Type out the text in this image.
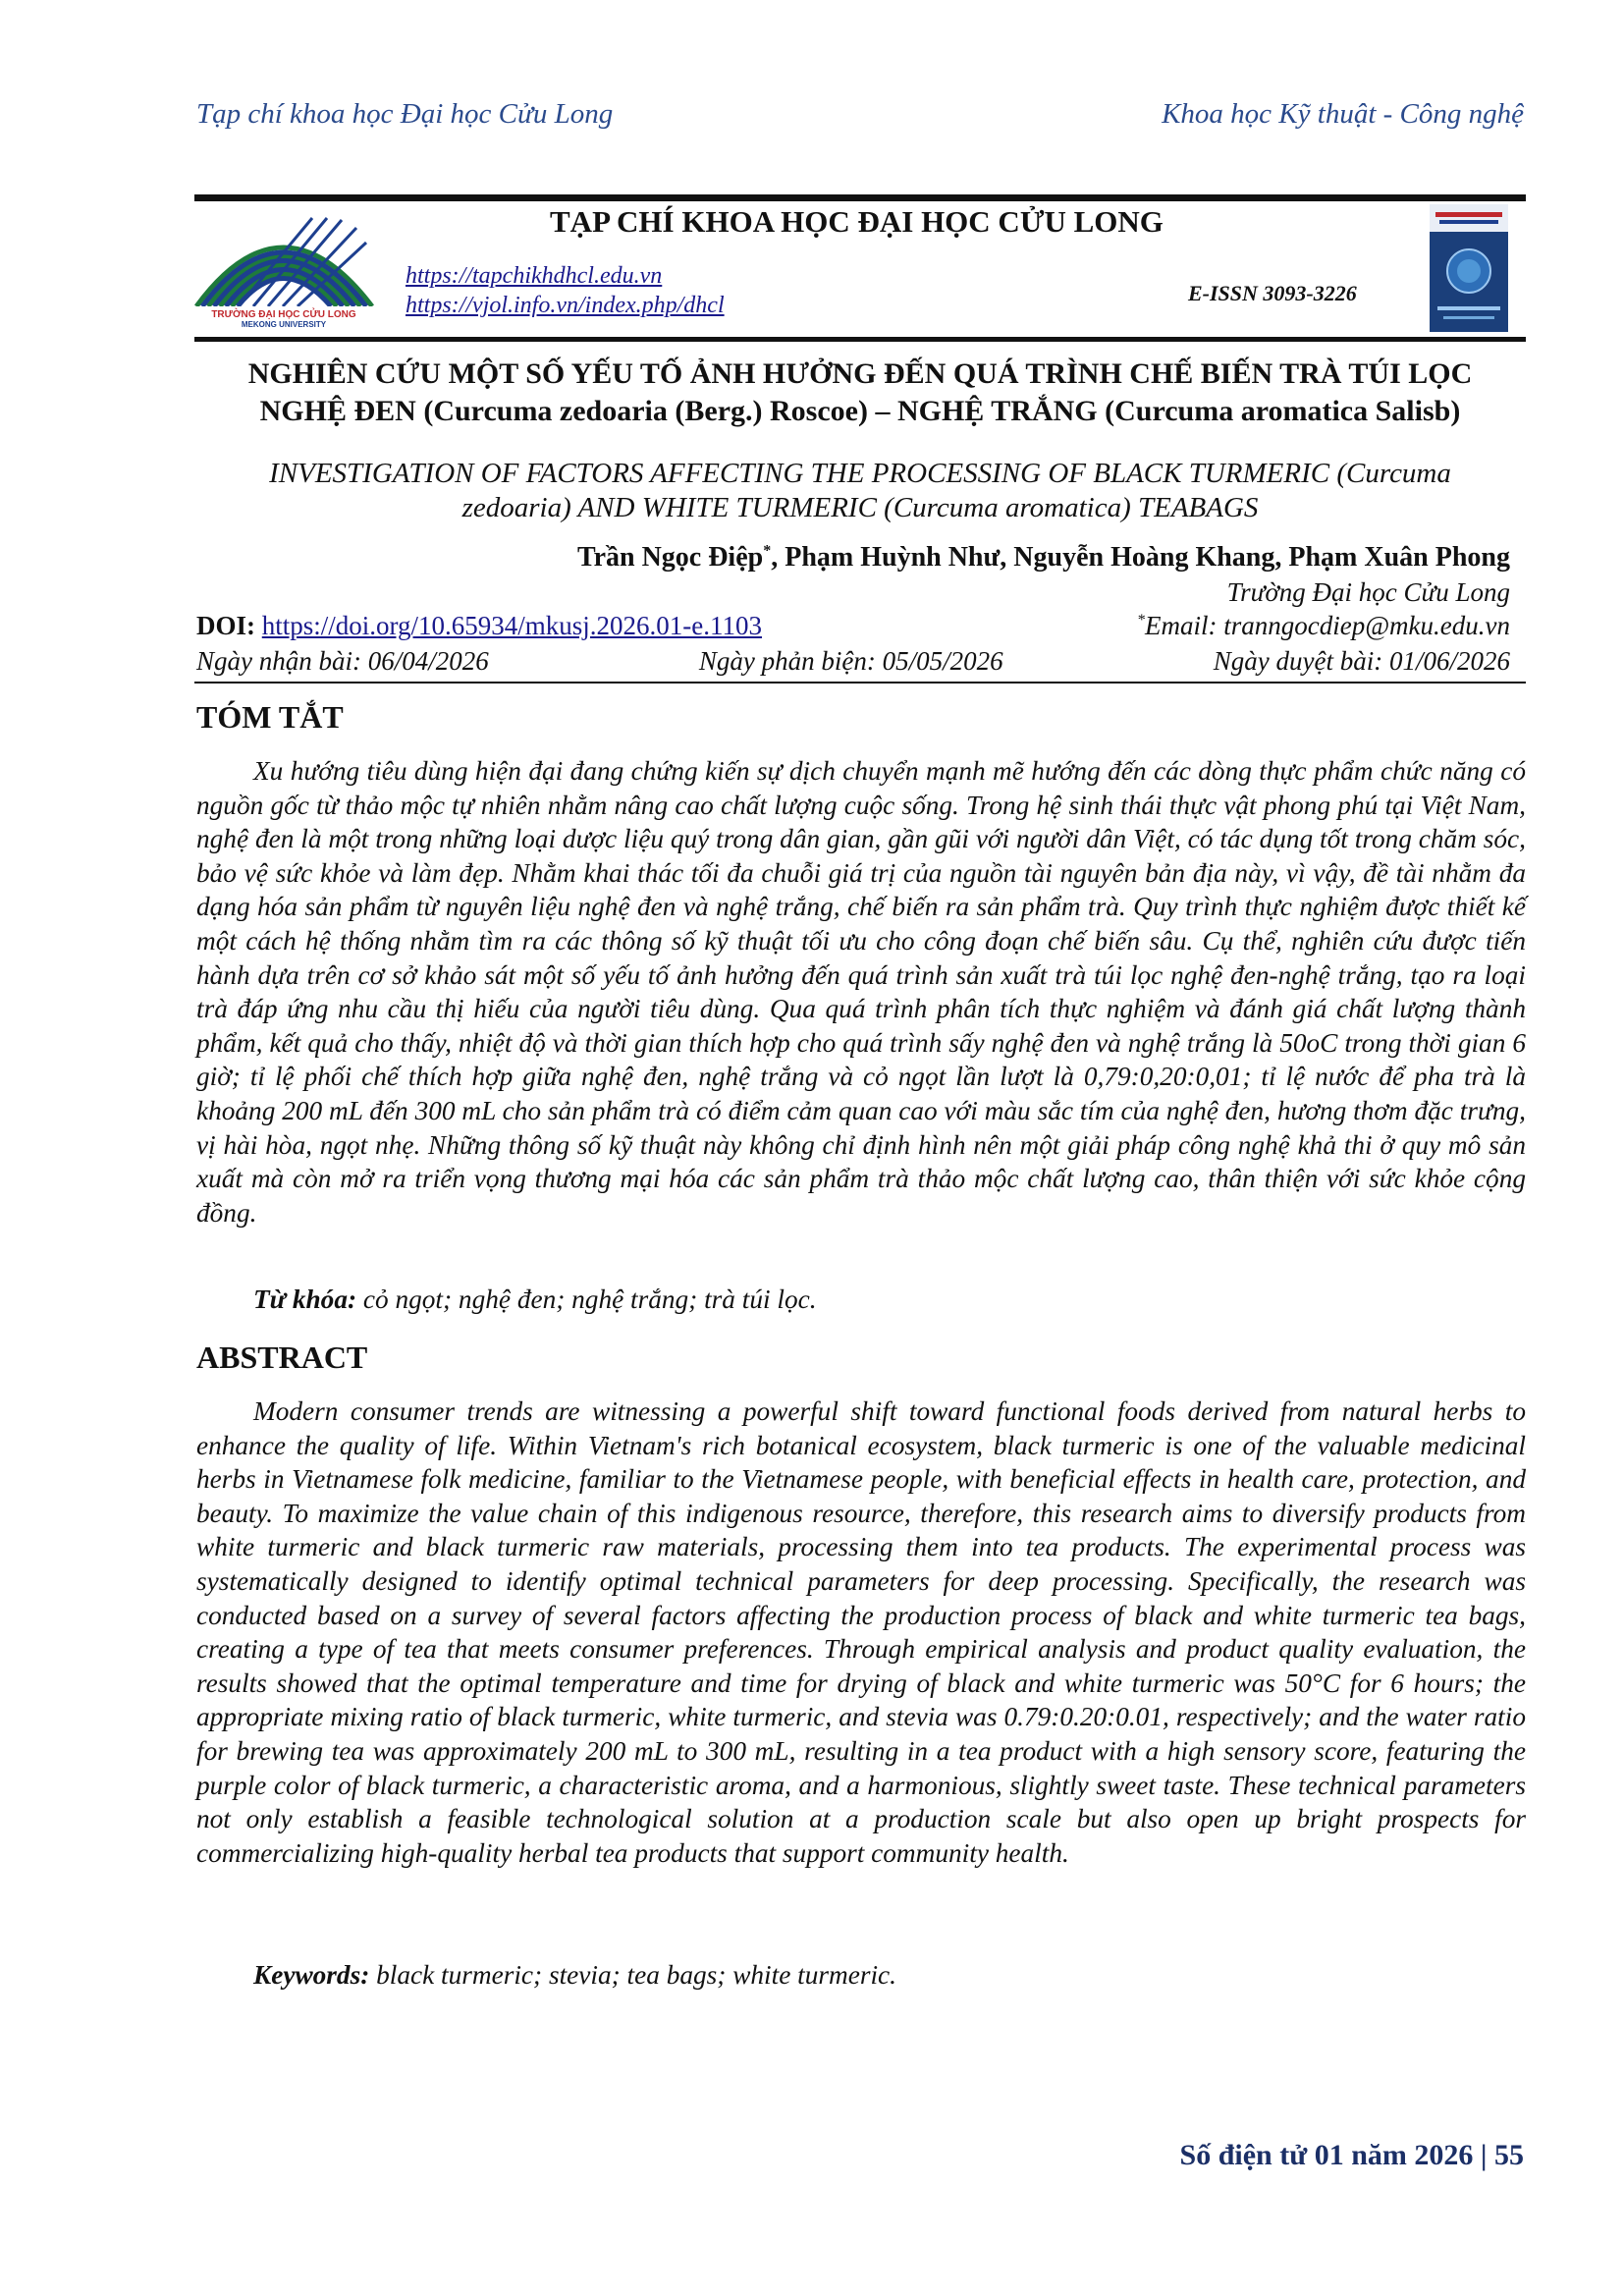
Tạp chí khoa học Đại học Cửu Long	Khoa học Kỹ thuật - Công nghệ
TRƯỜNG ĐẠI HỌC CỬU LONG
MEKONG UNIVERSITY
TẠP CHÍ KHOA HỌC ĐẠI HỌC CỬU LONG
https://tapchikhdhcl.edu.vn
https://vjol.info.vn/index.php/dhcl	E-ISSN 3093-3226
NGHIÊN CỨU MỘT SỐ YẾU TỐ ẢNH HƯỞNG ĐẾN QUÁ TRÌNH CHẾ BIẾN TRÀ TÚI LỌC
NGHỆ ĐEN (Curcuma zedoaria (Berg.) Roscoe) – NGHỆ TRẮNG (Curcuma aromatica Salisb)
INVESTIGATION OF FACTORS AFFECTING THE PROCESSING OF BLACK TURMERIC (Curcuma
zedoaria) AND WHITE TURMERIC (Curcuma aromatica) TEABAGS
Trần Ngọc Điệp*, Phạm Huỳnh Như, Nguyễn Hoàng Khang, Phạm Xuân Phong
Trường Đại học Cửu Long
DOI: https://doi.org/10.65934/mkusj.2026.01-e.1103	*Email: tranngocdiep@mku.edu.vn
Ngày nhận bài: 06/04/2026	Ngày phản biện: 05/05/2026	Ngày duyệt bài: 01/06/2026
TÓM TẮT
Xu hướng tiêu dùng hiện đại đang chứng kiến sự dịch chuyển mạnh mẽ hướng đến các dòng thực phẩm chức năng có nguồn gốc từ thảo mộc tự nhiên nhằm nâng cao chất lượng cuộc sống. Trong hệ sinh thái thực vật phong phú tại Việt Nam, nghệ đen là một trong những loại dược liệu quý trong dân gian, gần gũi với người dân Việt, có tác dụng tốt trong chăm sóc, bảo vệ sức khỏe và làm đẹp. Nhằm khai thác tối đa chuỗi giá trị của nguồn tài nguyên bản địa này, vì vậy, đề tài nhằm đa dạng hóa sản phẩm từ nguyên liệu nghệ đen và nghệ trắng, chế biến ra sản phẩm trà. Quy trình thực nghiệm được thiết kế một cách hệ thống nhằm tìm ra các thông số kỹ thuật tối ưu cho công đoạn chế biến sâu. Cụ thể, nghiên cứu được tiến hành dựa trên cơ sở khảo sát một số yếu tố ảnh hưởng đến quá trình sản xuất trà túi lọc nghệ đen-nghệ trắng, tạo ra loại trà đáp ứng nhu cầu thị hiếu của người tiêu dùng. Qua quá trình phân tích thực nghiệm và đánh giá chất lượng thành phẩm, kết quả cho thấy, nhiệt độ và thời gian thích hợp cho quá trình sấy nghệ đen và nghệ trắng là 50oC trong thời gian 6 giờ; tỉ lệ phối chế thích hợp giữa nghệ đen, nghệ trắng và cỏ ngọt lần lượt là 0,79:0,20:0,01; tỉ lệ nước để pha trà là khoảng 200 mL đến 300 mL cho sản phẩm trà có điểm cảm quan cao với màu sắc tím của nghệ đen, hương thơm đặc trưng, vị hài hòa, ngọt nhẹ. Những thông số kỹ thuật này không chỉ định hình nên một giải pháp công nghệ khả thi ở quy mô sản xuất mà còn mở ra triển vọng thương mại hóa các sản phẩm trà thảo mộc chất lượng cao, thân thiện với sức khỏe cộng đồng.
Từ khóa: cỏ ngọt; nghệ đen; nghệ trắng; trà túi lọc.
ABSTRACT
Modern consumer trends are witnessing a powerful shift toward functional foods derived from natural herbs to enhance the quality of life. Within Vietnam's rich botanical ecosystem, black turmeric is one of the valuable medicinal herbs in Vietnamese folk medicine, familiar to the Vietnamese people, with beneficial effects in health care, protection, and beauty. To maximize the value chain of this indigenous resource, therefore, this research aims to diversify products from white turmeric and black turmeric raw materials, processing them into tea products. The experimental process was systematically designed to identify optimal technical parameters for deep processing. Specifically, the research was conducted based on a survey of several factors affecting the production process of black and white turmeric tea bags, creating a type of tea that meets consumer preferences. Through empirical analysis and product quality evaluation, the results showed that the optimal temperature and time for drying of black and white turmeric was 50°C for 6 hours; the appropriate mixing ratio of black turmeric, white turmeric, and stevia was 0.79:0.20:0.01, respectively; and the water ratio for brewing tea was approximately 200 mL to 300 mL, resulting in a tea product with a high sensory score, featuring the purple color of black turmeric, a characteristic aroma, and a harmonious, slightly sweet taste. These technical parameters not only establish a feasible technological solution at a production scale but also open up bright prospects for commercializing high-quality herbal tea products that support community health.
Keywords: black turmeric; stevia; tea bags; white turmeric.
Số điện tử 01 năm 2026 | 55
